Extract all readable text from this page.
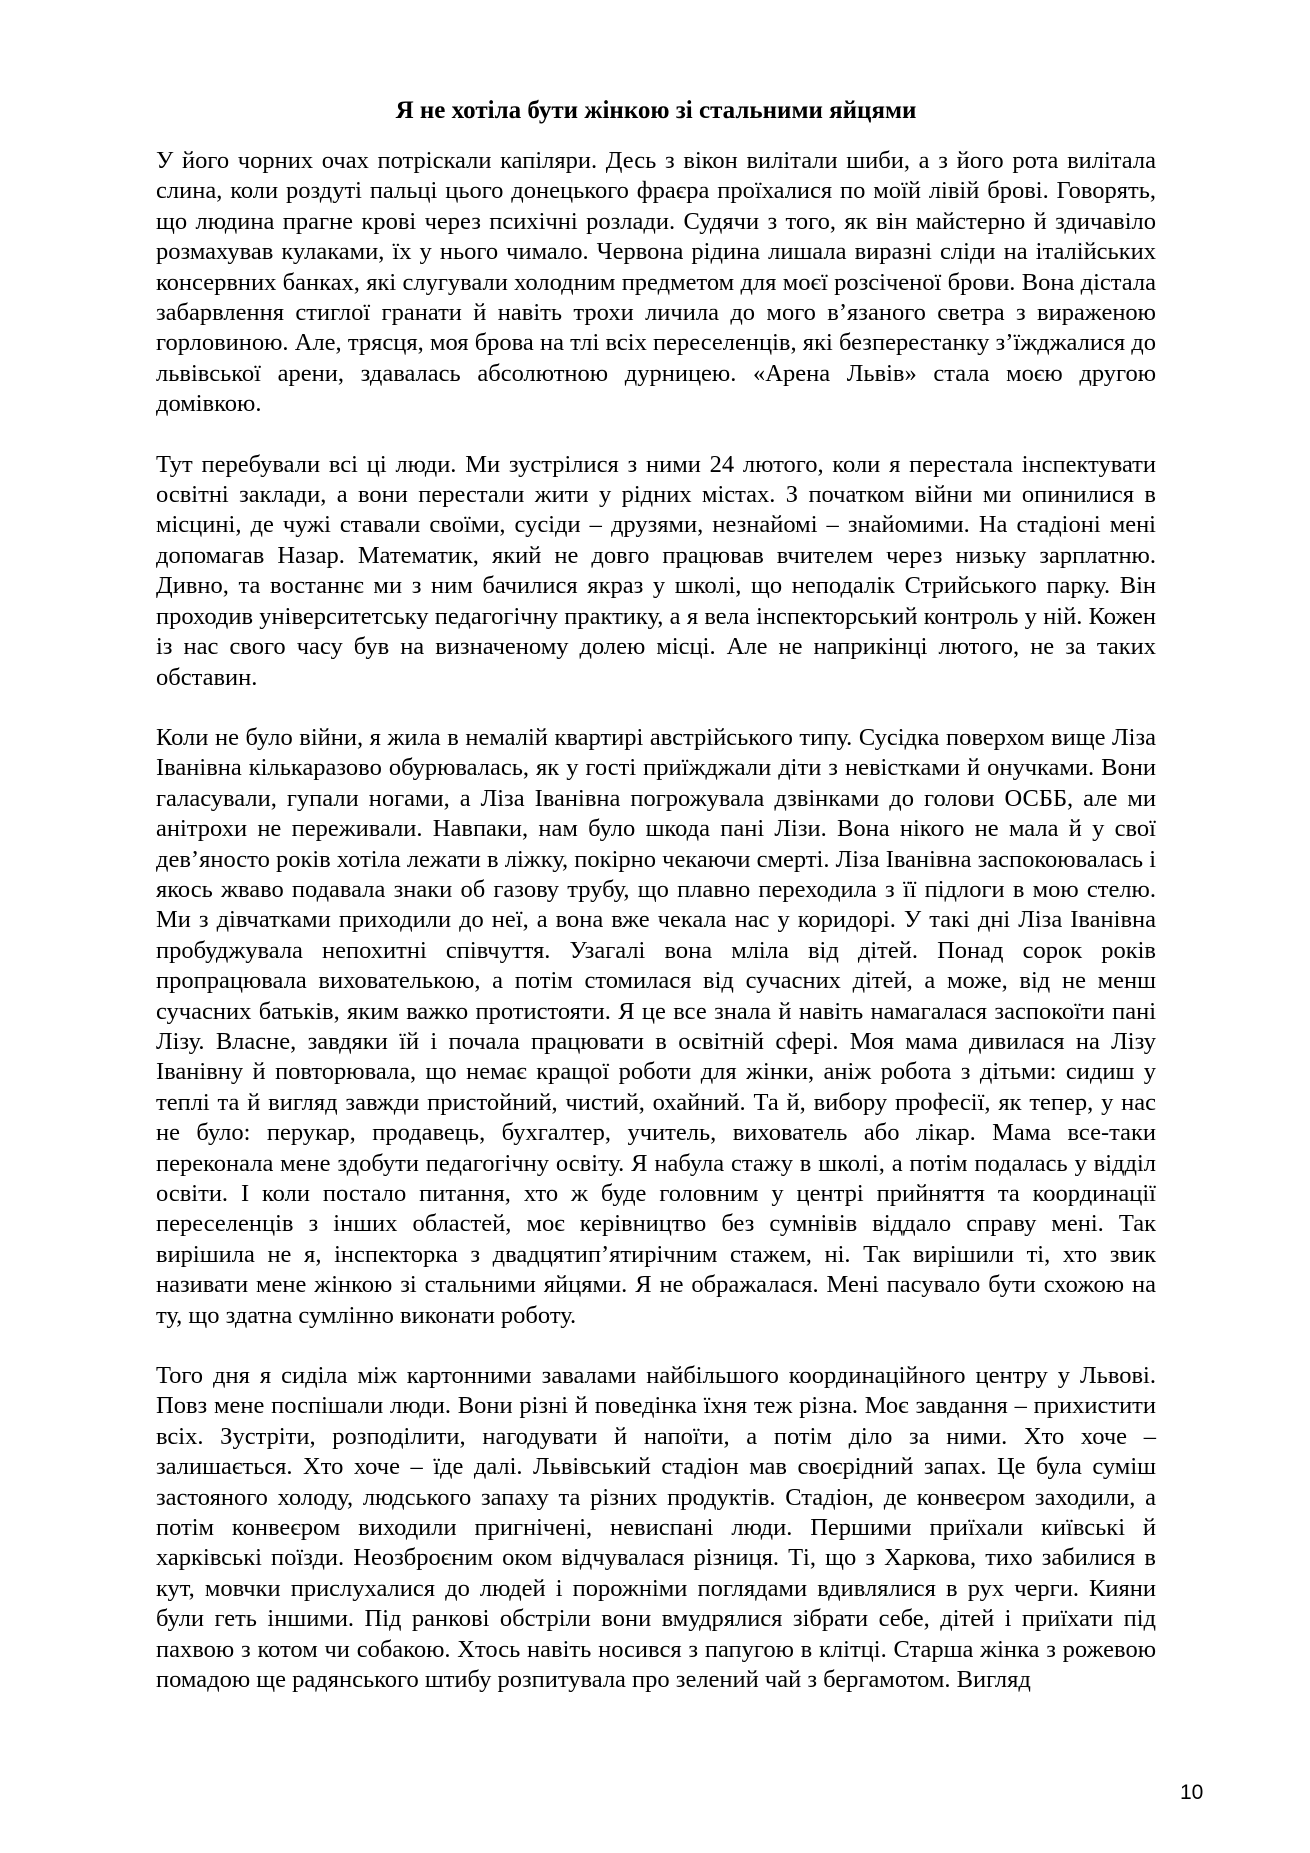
Я не хотіла бути жінкою зі стальними яйцями

У його чорних очах потріскали капіляри. Десь з вікон вилітали шиби, а з його рота вилітала слина, коли роздуті пальці цього донецького фраєра проїхалися по моїй лівій брові. Говорять, що людина прагне крові через психічні розлади. Судячи з того, як він майстерно й здичавіло розмахував кулаками, їх у нього чимало. Червона рідина лишала виразні сліди на італійських консервних банках, які слугували холодним предметом для моєї розсіченої брови. Вона дістала забарвлення стиглої гранати й навіть трохи личила до мого в’язаного светра з вираженою горловиною. Але, трясця, моя брова на тлі всіх переселенців, які безперестанку з’їжджалися до львівської арени, здавалась абсолютною дурницею. «Арена Львів» стала моєю другою домівкою.

Тут перебували всі ці люди. Ми зустрілися з ними 24 лютого, коли я перестала інспектувати освітні заклади, а вони перестали жити у рідних містах. З початком війни ми опинилися в місцині, де чужі ставали своїми, сусіди – друзями, незнайомі – знайомими. На стадіоні мені допомагав Назар. Математик, який не довго працював вчителем через низьку зарплатню. Дивно, та востаннє ми з ним бачилися якраз у школі, що неподалік Стрийського парку. Він проходив університетську педагогічну практику, а я вела інспекторський контроль у ній. Кожен із нас свого часу був на визначеному долею місці. Але не наприкінці лютого, не за таких обставин.

Коли не було війни, я жила в немалій квартирі австрійського типу. Сусідка поверхом вище Ліза Іванівна кількаразово обурювалась, як у гості приїжджали діти з невістками й онучками. Вони галасували, гупали ногами, а Ліза Іванівна погрожувала дзвінками до голови ОСББ, але ми анітрохи не переживали. Навпаки, нам було шкода пані Лізи. Вона нікого не мала й у свої дев’яносто років хотіла лежати в ліжку, покірно чекаючи смерті. Ліза Іванівна заспокоювалась і якось жваво подавала знаки об газову трубу, що плавно переходила з її підлоги в мою стелю. Ми з дівчатками приходили до неї, а вона вже чекала нас у коридорі. У такі дні Ліза Іванівна пробуджувала непохитні співчуття. Узагалі вона мліла від дітей. Понад сорок років пропрацювала вихователькою, а потім стомилася від сучасних дітей, а може, від не менш сучасних батьків, яким важко протистояти. Я це все знала й навіть намагалася заспокоїти пані Лізу. Власне, завдяки їй і почала працювати в освітній сфері. Моя мама дивилася на Лізу Іванівну й повторювала, що немає кращої роботи для жінки, аніж робота з дітьми: сидиш у теплі та й вигляд завжди пристойний, чистий, охайний. Та й, вибору професії, як тепер, у нас не було: перукар, продавець, бухгалтер, учитель, вихователь або лікар. Мама все-таки переконала мене здобути педагогічну освіту. Я набула стажу в школі, а потім подалась у відділ освіти. І коли постало питання, хто ж буде головним у центрі прийняття та координації переселенців з інших областей, моє керівництво без сумнівів віддало справу мені. Так вирішила не я, інспекторка з двадцятип’ятирічним стажем, ні. Так вирішили ті, хто звик називати мене жінкою зі стальними яйцями. Я не ображалася. Мені пасувало бути схожою на ту, що здатна сумлінно виконати роботу.

Того дня я сиділа між картонними завалами найбільшого координаційного центру у Львові. Повз мене поспішали люди. Вони різні й поведінка їхня теж різна. Моє завдання – прихистити всіх. Зустріти, розподілити, нагодувати й напоїти, а потім діло за ними. Хто хоче – залишається. Хто хоче – їде далі. Львівський стадіон мав своєрідний запах. Це була суміш застояного холоду, людського запаху та різних продуктів. Стадіон, де конвеєром заходили, а потім конвеєром виходили пригнічені, невиспані люди. Першими приїхали київські й харківські поїзди. Неозброєним оком відчувалася різниця. Ті, що з Харкова, тихо забилися в кут, мовчки прислухалися до людей і порожніми поглядами вдивлялися в рух черги. Кияни були геть іншими. Під ранкові обстріли вони вмудрялися зібрати себе, дітей і приїхати під пахвою з котом чи собакою. Хтось навіть носився з папугою в клітці. Старша жінка з рожевою помадою ще радянського штибу розпитувала про зелений чай з бергамотом. Вигляд

10
